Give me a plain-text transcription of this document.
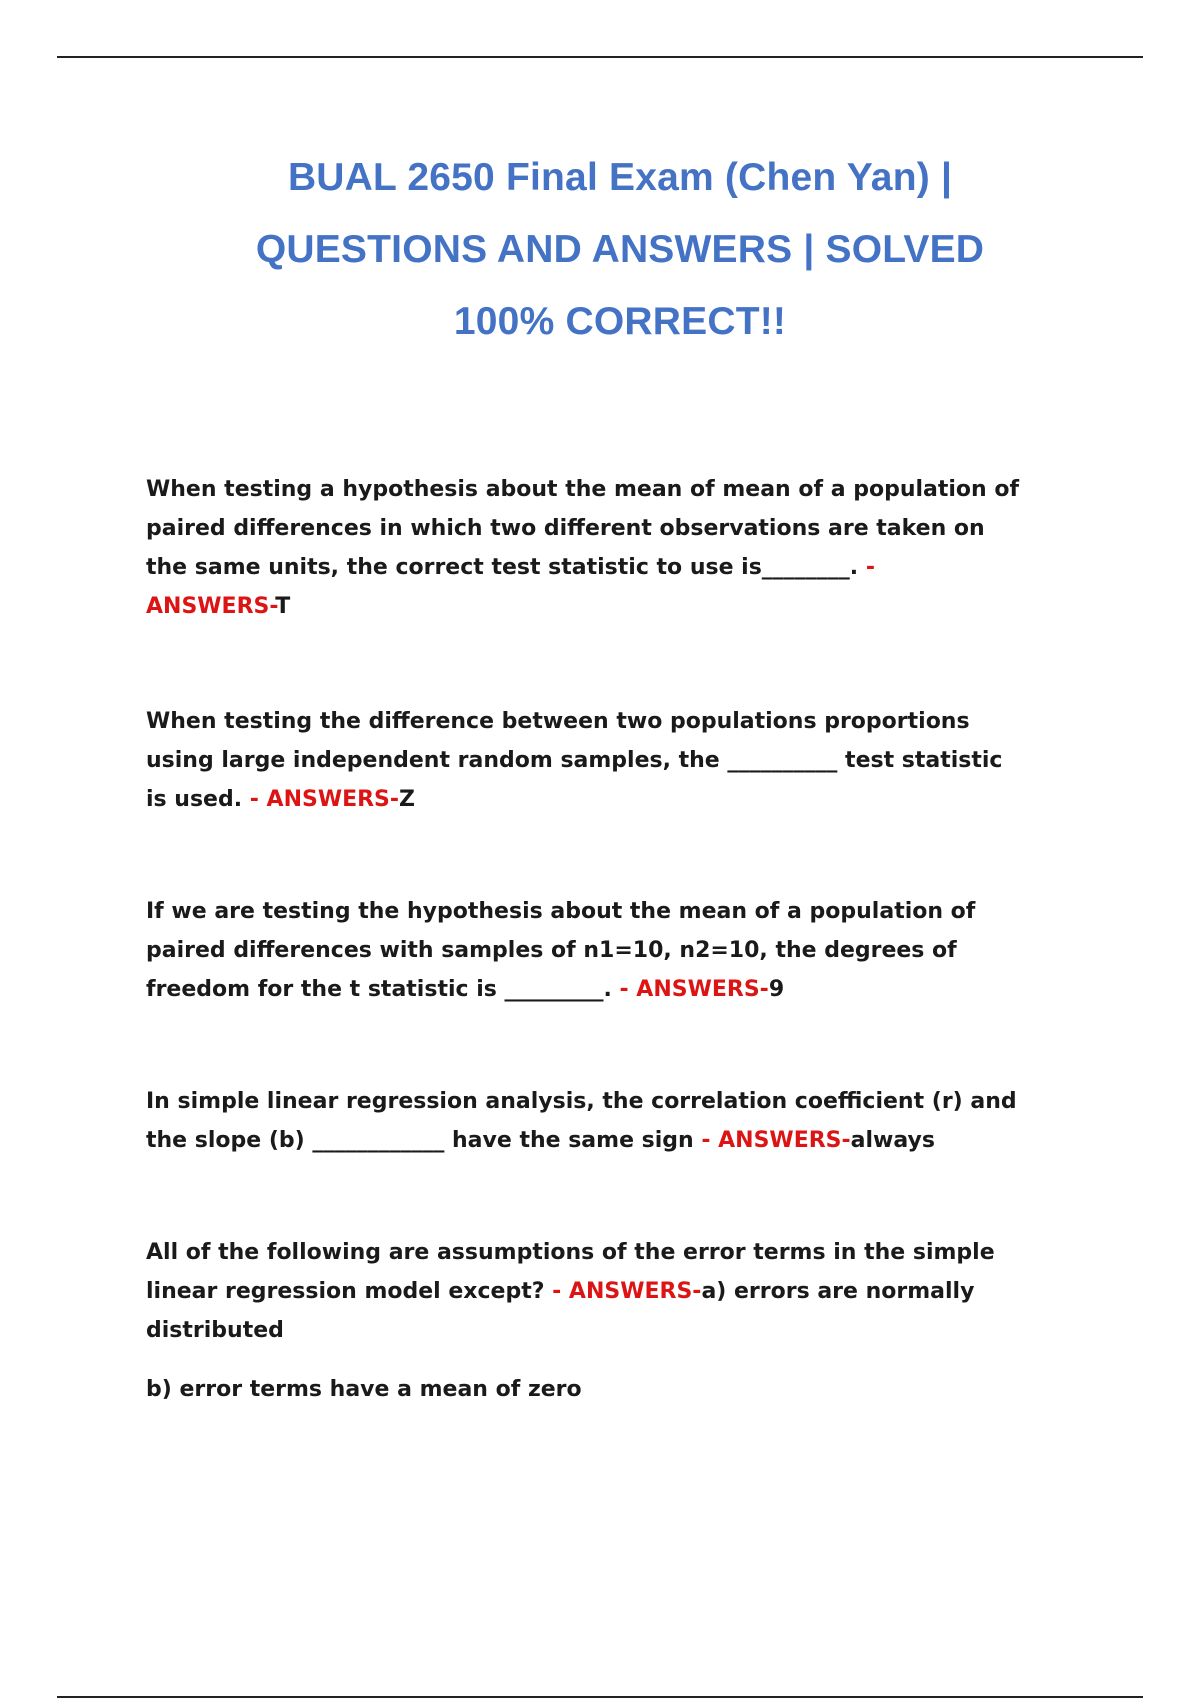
BUAL 2650 Final Exam (Chen Yan) |
QUESTIONS AND ANSWERS | SOLVED
100% CORRECT!!
When testing a hypothesis about the mean of mean of a population of
paired differences in which two different observations are taken on
the same units, the correct test statistic to use is________. -
ANSWERS-T
When testing the difference between two populations proportions
using large independent random samples, the __________ test statistic
is used. - ANSWERS-Z
If we are testing the hypothesis about the mean of a population of
paired differences with samples of n1=10, n2=10, the degrees of
freedom for the t statistic is _________. - ANSWERS-9
In simple linear regression analysis, the correlation coefficient (r) and
the slope (b) ____________ have the same sign - ANSWERS-always
All of the following are assumptions of the error terms in the simple
linear regression model except? - ANSWERS-a) errors are normally
distributed
b) error terms have a mean of zero
